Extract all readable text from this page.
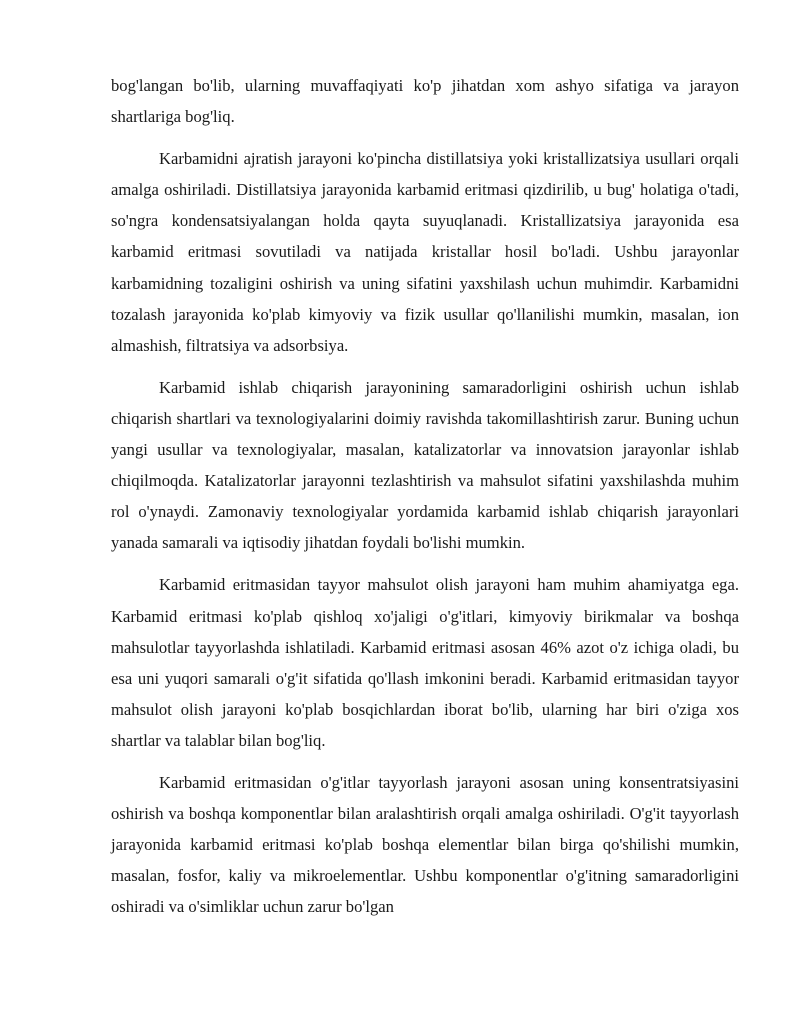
bog'langan bo'lib, ularning muvaffaqiyati ko'p jihatdan xom ashyo sifatiga va jarayon shartlariga bog'liq.

Karbamidni ajratish jarayoni ko'pincha distillatsiya yoki kristallizatsiya usullari orqali amalga oshiriladi. Distillatsiya jarayonida karbamid eritmasi qizdirilib, u bug' holatiga o'tadi, so'ngra kondensatsiyalangan holda qayta suyuqlanadi. Kristallizatsiya jarayonida esa karbamid eritmasi sovutiladi va natijada kristallar hosil bo'ladi. Ushbu jarayonlar karbamidning tozaligini oshirish va uning sifatini yaxshilash uchun muhimdir. Karbamidni tozalash jarayonida ko'plab kimyoviy va fizik usullar qo'llanilishi mumkin, masalan, ion almashish, filtratsiya va adsorbsiya.

Karbamid ishlab chiqarish jarayonining samaradorligini oshirish uchun ishlab chiqarish shartlari va texnologiyalarini doimiy ravishda takomillashtirish zarur. Buning uchun yangi usullar va texnologiyalar, masalan, katalizatorlar va innovatsion jarayonlar ishlab chiqilmoqda. Katalizatorlar jarayonni tezlashtirish va mahsulot sifatini yaxshilashda muhim rol o'ynaydi. Zamonaviy texnologiyalar yordamida karbamid ishlab chiqarish jarayonlari yanada samarali va iqtisodiy jihatdan foydali bo'lishi mumkin.

Karbamid eritmasidan tayyor mahsulot olish jarayoni ham muhim ahamiyatga ega. Karbamid eritmasi ko'plab qishloq xo'jaligi o'g'itlari, kimyoviy birikmalar va boshqa mahsulotlar tayyorlashda ishlatiladi. Karbamid eritmasi asosan 46% azot o'z ichiga oladi, bu esa uni yuqori samarali o'g'it sifatida qo'llash imkonini beradi. Karbamid eritmasidan tayyor mahsulot olish jarayoni ko'plab bosqichlardan iborat bo'lib, ularning har biri o'ziga xos shartlar va talablar bilan bog'liq.

Karbamid eritmasidan o'g'itlar tayyorlash jarayoni asosan uning konsentratsiyasini oshirish va boshqa komponentlar bilan aralashtirish orqali amalga oshiriladi. O'g'it tayyorlash jarayonida karbamid eritmasi ko'plab boshqa elementlar bilan birga qo'shilishi mumkin, masalan, fosfor, kaliy va mikroelementlar. Ushbu komponentlar o'g'itning samaradorligini oshiradi va o'simliklar uchun zarur bo'lgan
